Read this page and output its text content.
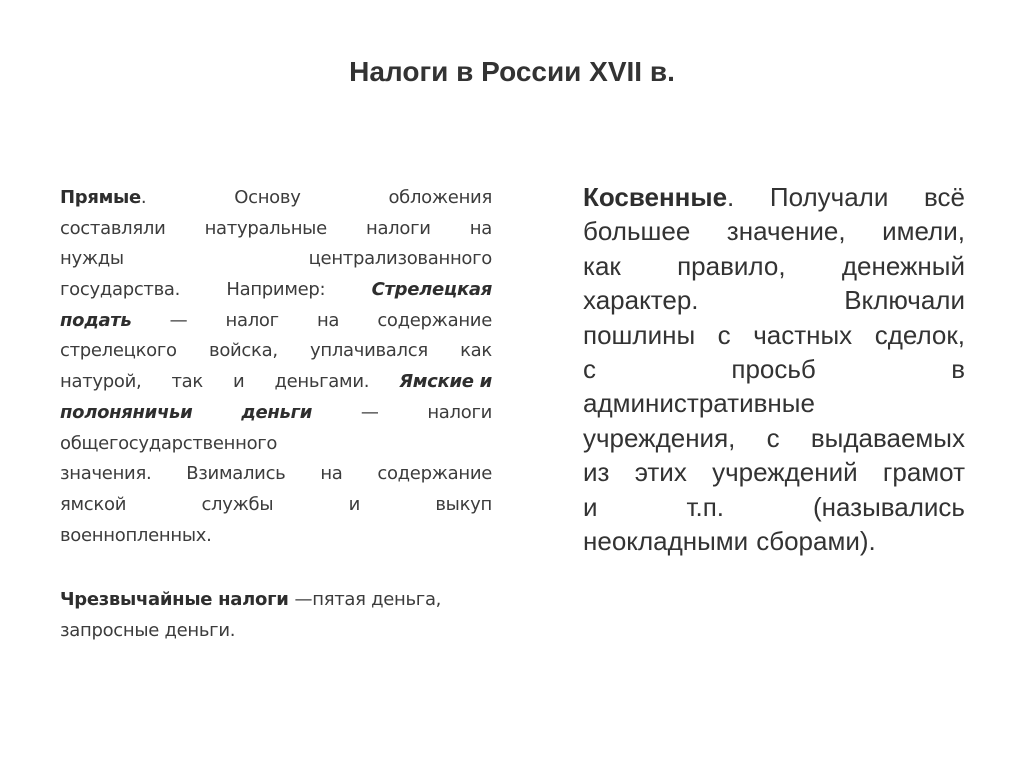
Налоги в России XVII в.
Прямые.	Основу	обложения
составляли натуральные налоги на
нужды	централизованного
государства.	Например:	Стрелецкая
подать — налог на содержание
стрелецкого войска, уплачивался как
натурой, так и деньгами. Ямские и
полоняничьи	деньги	—	налоги
общегосударственного
значения. Взимались на содержание
ямской	службы	и	выкуп
военнопленных.
Чрезвычайные налоги —пятая деньга,
запросные деньги.
Косвенные. Получали всё
большее значение, имели,
как правило, денежный
характер.	Включали
пошлины с частных сделок,
с	просьб	в
административные
учреждения, с выдаваемых
из этих учреждений грамот
и	т.п.	(назывались
неокладными сборами).
